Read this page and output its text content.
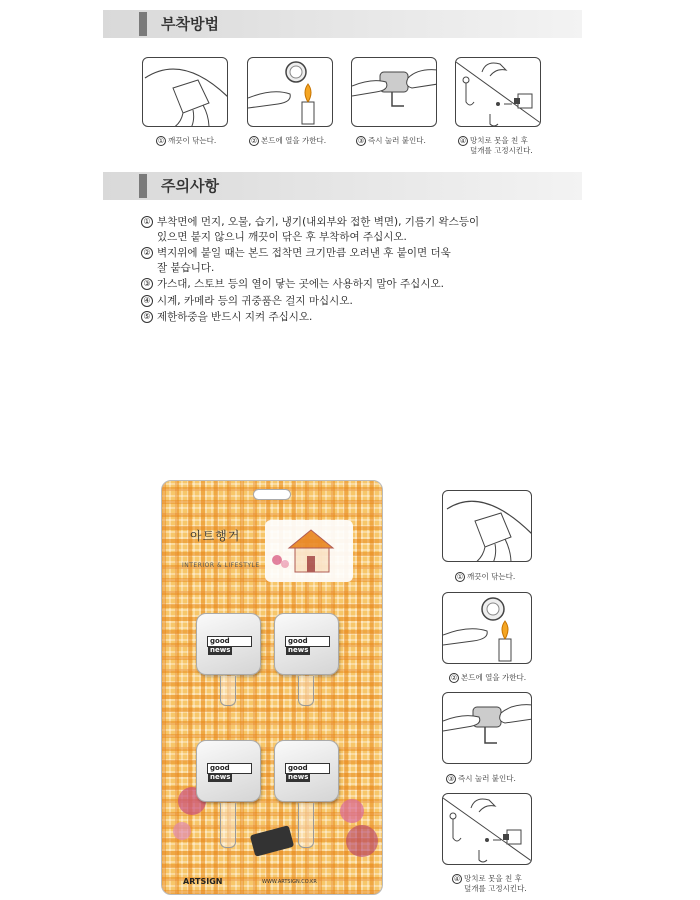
부착방법
① 깨끗이 닦는다.	② 본드에 열을 가한다.	③ 즉시 눌러 붙인다.	④ 망치로 못을 친 후
덮개를 고정시킨다.
주의사항
① 부착면에 먼지, 오물, 습기, 냉기(내외부와 접한 벽면), 기름기 왁스등이
있으면 붙지 않으니 깨끗이 닦은 후 부착하여 주십시오.
② 벽지위에 붙일 때는 본드 접착면 크기만큼 오려낸 후 붙이면 더욱
잘 붙습니다.
③ 가스대, 스토브 등의 열이 닿는 곳에는 사용하지 말아 주십시오.
④ 시계, 카메라 등의 귀중품은 걸지 마십시오.
⑤ 제한하중을 반드시 지켜 주십시오.
아트행거
INTERIOR & LIFESTYLE
goodnews
goodnews
goodnews
goodnews
ARTSIGN	WWW.ARTSIGN.CO.KR
① 깨끗이 닦는다.
② 본드에 열을 가한다.
③ 즉시 눌러 붙인다.
④ 망치로 못을 친 후
덮개를 고정시킨다.
